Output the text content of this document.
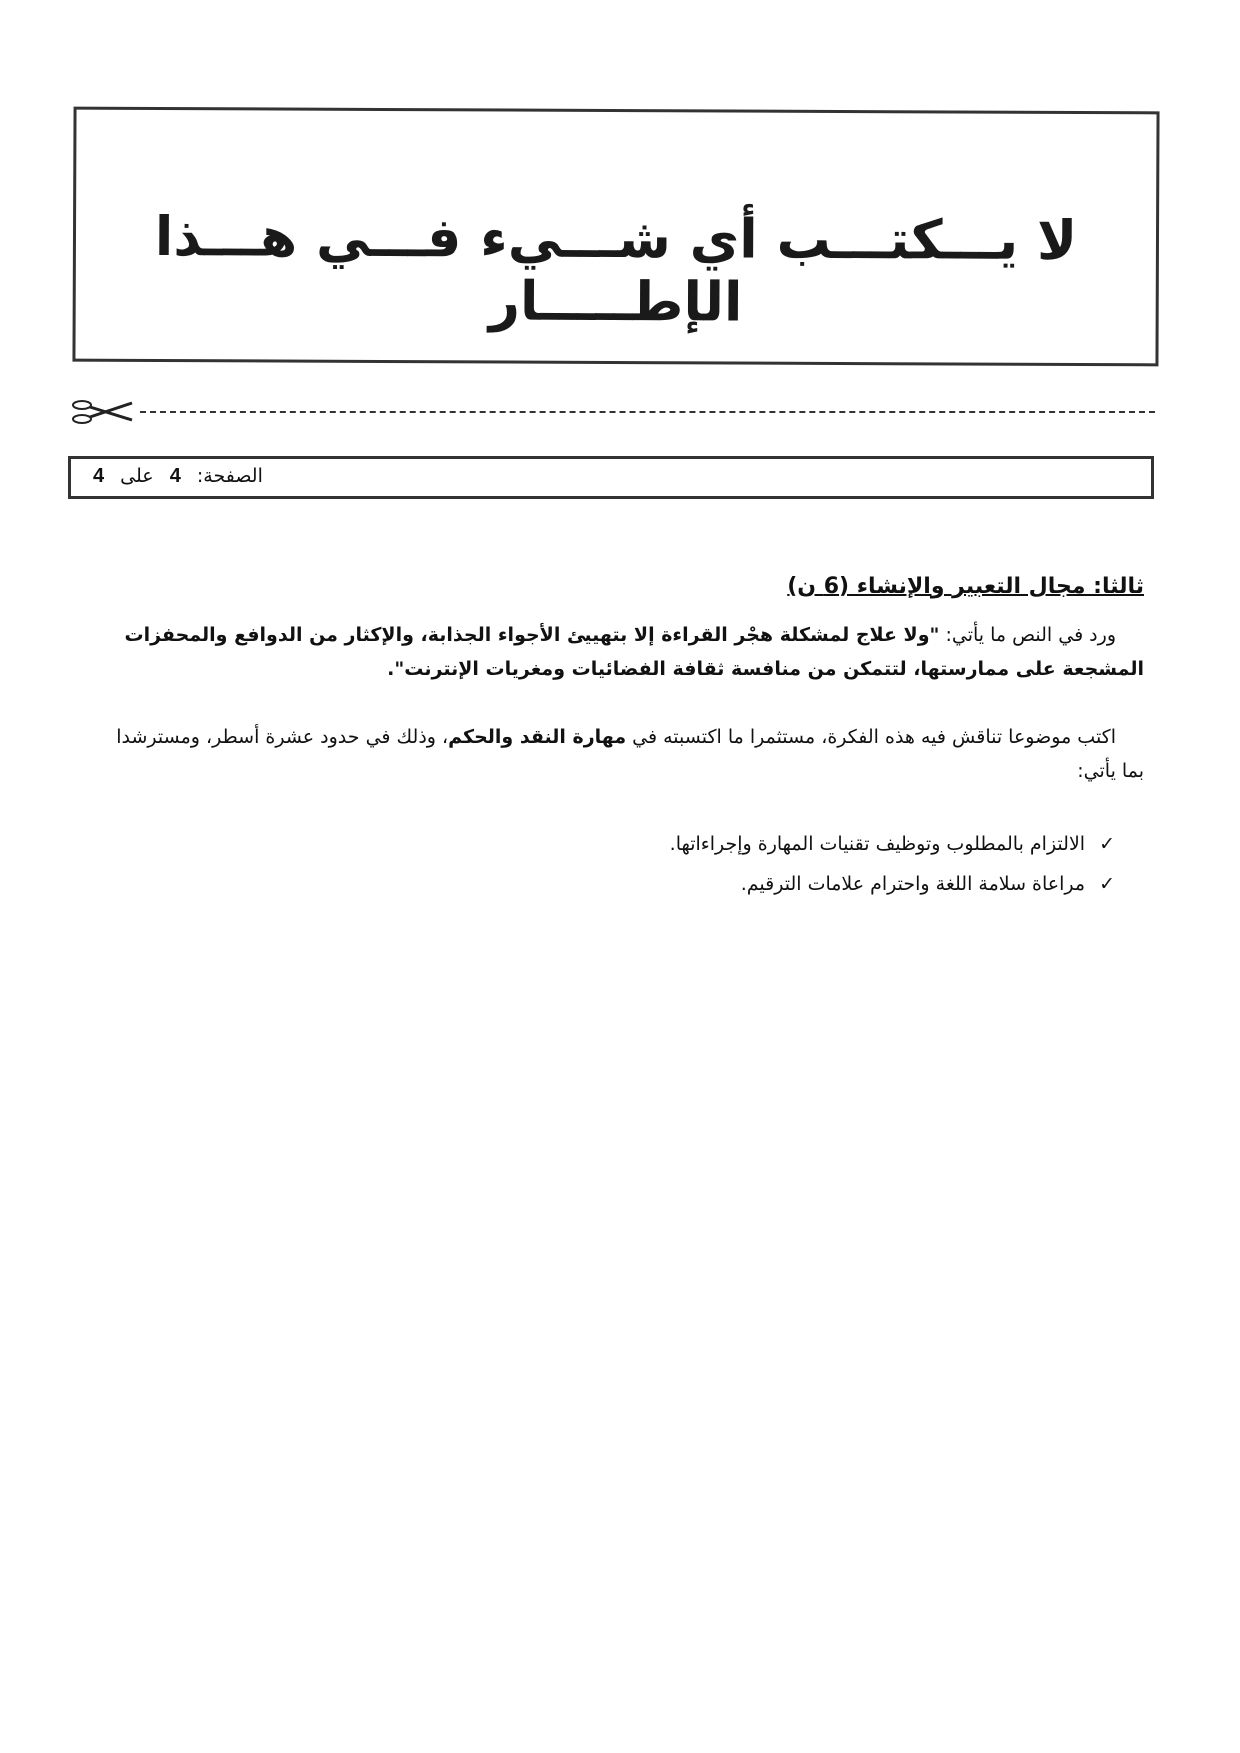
لا يـــكتـــب أي شـــيء فـــي هـــذا الإطـــــار
الصفحة: 4 على 4
ثالثا: مجال التعبير والإنشاء (6 ن)
ورد في النص ما يأتي: "ولا علاج لمشكلة هجْر القراءة إلا بتهييئ الأجواء الجذابة، والإكثار من الدوافع والمحفزات المشجعة على ممارستها، لتتمكن من منافسة ثقافة الفضائيات ومغريات الإنترنت".
اكتب موضوعا تناقش فيه هذه الفكرة، مستثمرا ما اكتسبته في مهارة النقد والحكم، وذلك في حدود عشرة أسطر، ومسترشدا بما يأتي:
✓الالتزام بالمطلوب وتوظيف تقنيات المهارة وإجراءاتها.
✓مراعاة سلامة اللغة واحترام علامات الترقيم.
